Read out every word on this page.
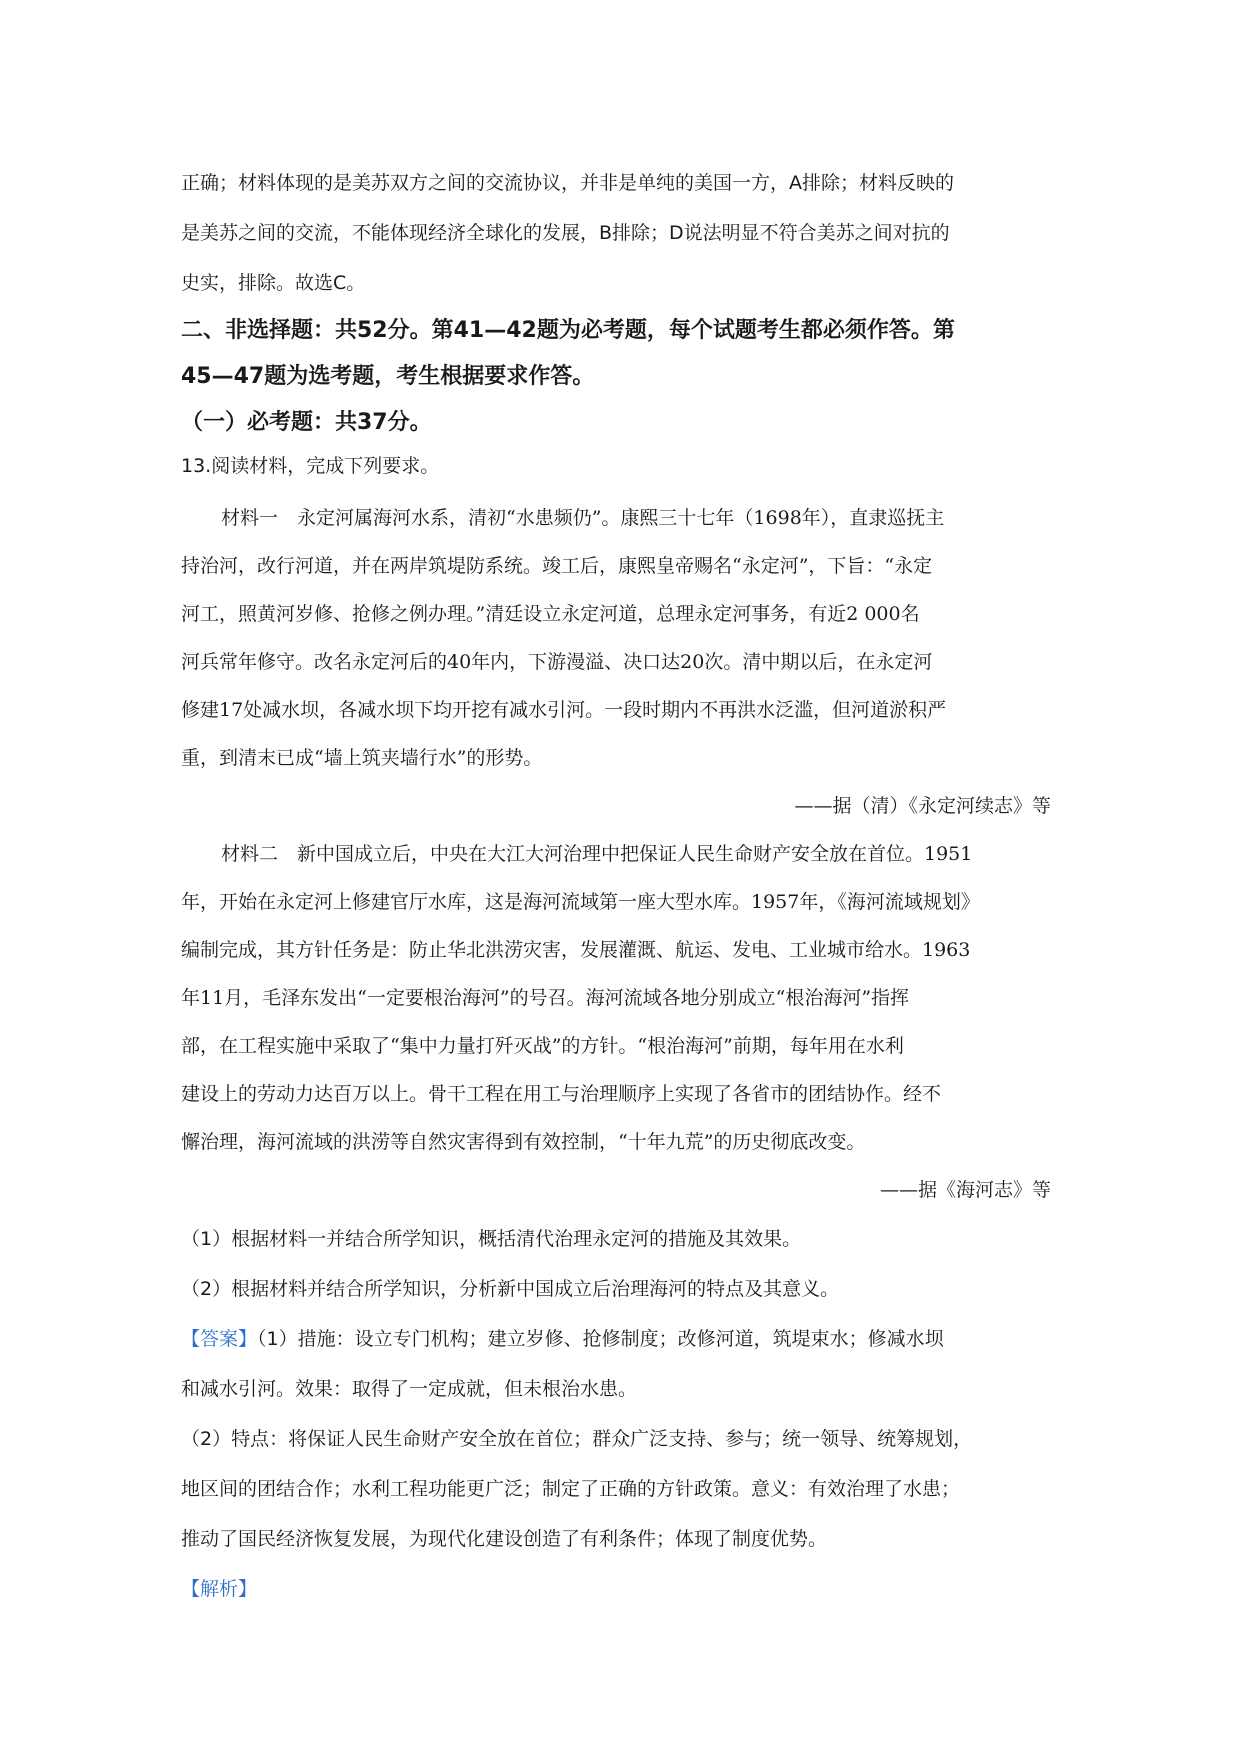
正确；材料体现的是美苏双方之间的交流协议，并非是单纯的美国一方，A排除；材料反映的
是美苏之间的交流，不能体现经济全球化的发展，B排除；D说法明显不符合美苏之间对抗的
史实，排除。故选C。
二、非选择题：共52分。第41—42题为必考题，每个试题考生都必须作答。第
45—47题为选考题，考生根据要求作答。
（一）必考题：共37分。
13.阅读材料，完成下列要求。
材料一　永定河属海河水系，清初“水患频仍”。康熙三十七年（1698年），直隶巡抚主
持治河，改行河道，并在两岸筑堤防系统。竣工后，康熙皇帝赐名“永定河”，下旨：“永定
河工，照黄河岁修、抢修之例办理。”清廷设立永定河道，总理永定河事务，有近2 000名
河兵常年修守。改名永定河后的40年内，下游漫溢、决口达20次。清中期以后，在永定河
修建17处减水坝，各减水坝下均开挖有减水引河。一段时期内不再洪水泛滥，但河道淤积严
重，到清末已成“墙上筑夹墙行水”的形势。
——据（清）《永定河续志》等
材料二　新中国成立后，中央在大江大河治理中把保证人民生命财产安全放在首位。1951
年，开始在永定河上修建官厅水库，这是海河流域第一座大型水库。1957年，《海河流域规划》
编制完成，其方针任务是：防止华北洪涝灾害，发展灌溉、航运、发电、工业城市给水。1963
年11月，毛泽东发出“一定要根治海河”的号召。海河流域各地分别成立“根治海河”指挥
部，在工程实施中采取了“集中力量打歼灭战”的方针。“根治海河”前期，每年用在水利
建设上的劳动力达百万以上。骨干工程在用工与治理顺序上实现了各省市的团结协作。经不
懈治理，海河流域的洪涝等自然灾害得到有效控制，“十年九荒”的历史彻底改变。
——据《海河志》等
（1）根据材料一并结合所学知识，概括清代治理永定河的措施及其效果。
（2）根据材料并结合所学知识，分析新中国成立后治理海河的特点及其意义。
【答案】（1）措施：设立专门机构；建立岁修、抢修制度；改修河道，筑堤束水；修减水坝
和减水引河。效果：取得了一定成就，但未根治水患。
（2）特点：将保证人民生命财产安全放在首位；群众广泛支持、参与；统一领导、统筹规划，
地区间的团结合作；水利工程功能更广泛；制定了正确的方针政策。意义：有效治理了水患；
推动了国民经济恢复发展，为现代化建设创造了有利条件；体现了制度优势。
【解析】
